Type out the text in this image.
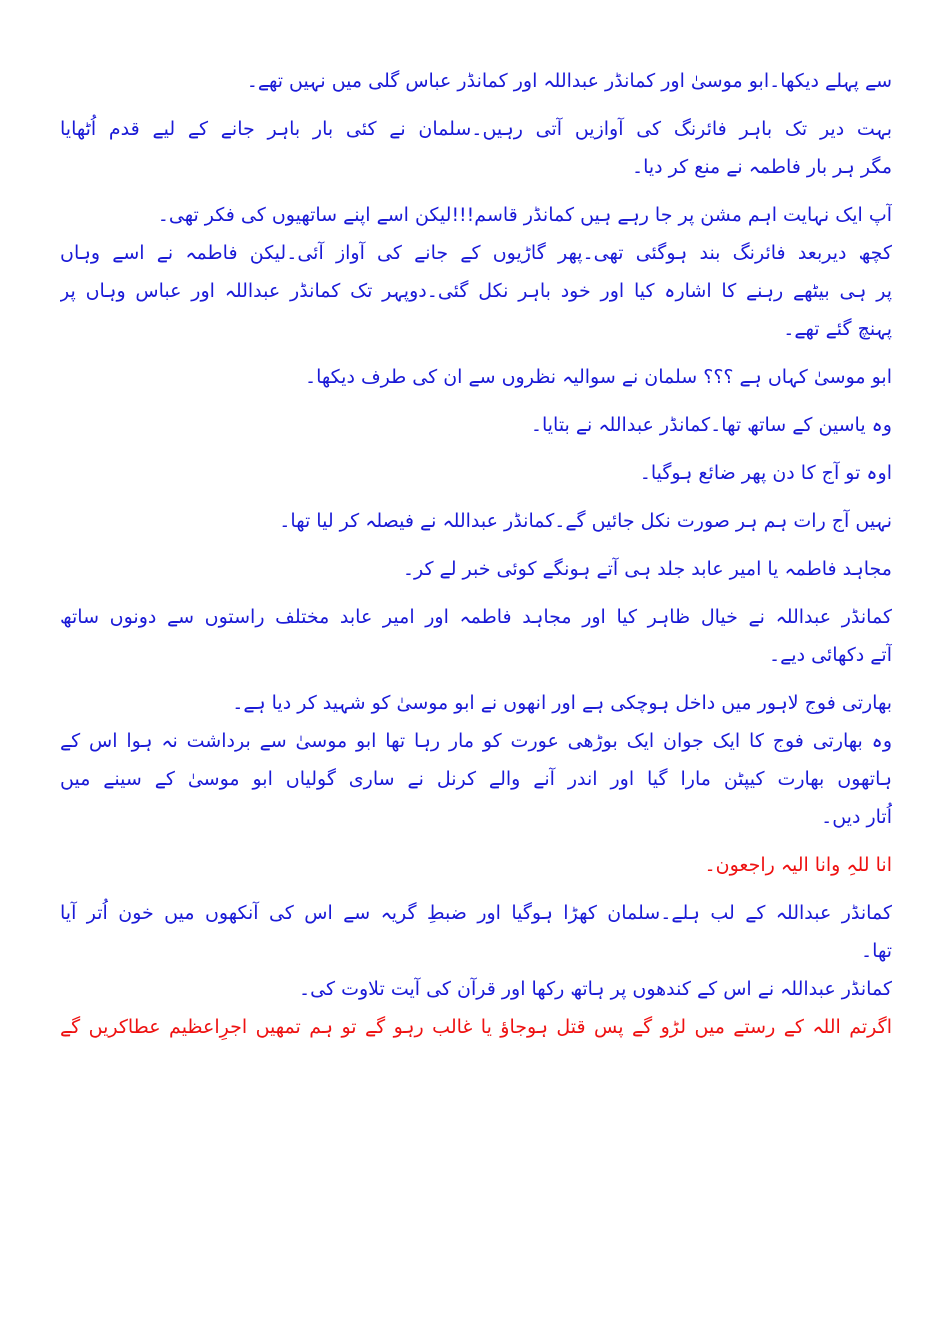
سے پہلے دیکھا۔ابو موسیٰ اور کمانڈر عبداللہ اور کمانڈر عباس گلی میں نہیں تھے۔
بہت دیر تک باہر فائرنگ کی آوازیں آتی رہیں۔سلمان نے کئی بار باہر جانے کے لیے قدم اُٹھایا
مگر ہر بار فاطمہ نے منع کر دیا۔
آپ ایک نہایت اہم مشن پر جا رہے ہیں کمانڈر قاسم!!!لیکن اسے اپنے ساتھیوں کی فکر تھی۔
کچھ دیربعد فائرنگ بند ہوگئی تھی۔پھر گاڑیوں کے جانے کی آواز آئی۔لیکن فاطمہ نے اسے وہاں
پر ہی بیٹھے رہنے کا اشارہ کیا اور خود باہر نکل گئی۔دوپہر تک کمانڈر عبداللہ اور عباس وہاں پر
پہنچ گئے تھے۔
ابو موسیٰ کہاں ہے ؟؟؟ سلمان نے سوالیہ نظروں سے ان کی طرف دیکھا۔
وہ یاسین کے ساتھ تھا۔کمانڈر عبداللہ نے بتایا۔
اوہ تو آج کا دن پھر ضائع ہوگیا۔
نہیں آج رات ہم ہر صورت نکل جائیں گے۔کمانڈر عبداللہ نے فیصلہ کر لیا تھا۔
مجاہد فاطمہ یا امیر عابد جلد ہی آتے ہونگے کوئی خبر لے کر۔
کمانڈر عبداللہ نے خیال ظاہر کیا اور مجاہد فاطمہ اور امیر عابد مختلف راستوں سے دونوں ساتھ
آتے دکھائی دیے۔
بھارتی فوج لاہور میں داخل ہوچکی ہے اور انھوں نے ابو موسیٰ کو شہید کر دیا ہے۔
وہ بھارتی فوج کا ایک جوان ایک بوڑھی عورت کو مار رہا تھا ابو موسیٰ سے برداشت نہ ہوا اس کے
ہاتھوں بھارت کیپٹن مارا گیا اور اندر آنے والے کرنل نے ساری گولیاں ابو موسیٰ کے سینے میں
اُتار دیں۔
انا للہِ وانا الیہ راجعون۔
کمانڈر عبداللہ کے لب ہلے۔سلمان کھڑا ہوگیا اور ضبطِ گریہ سے اس کی آنکھوں میں خون اُتر آیا
تھا۔
کمانڈر عبداللہ نے اس کے کندھوں پر ہاتھ رکھا اور قرآن کی آیت تلاوت کی۔
اگرتم اللہ کے رستے میں لڑو گے پس قتل ہوجاؤ یا غالب رہو گے تو ہم تمھیں اجرِاعظیم عطاکریں گے
